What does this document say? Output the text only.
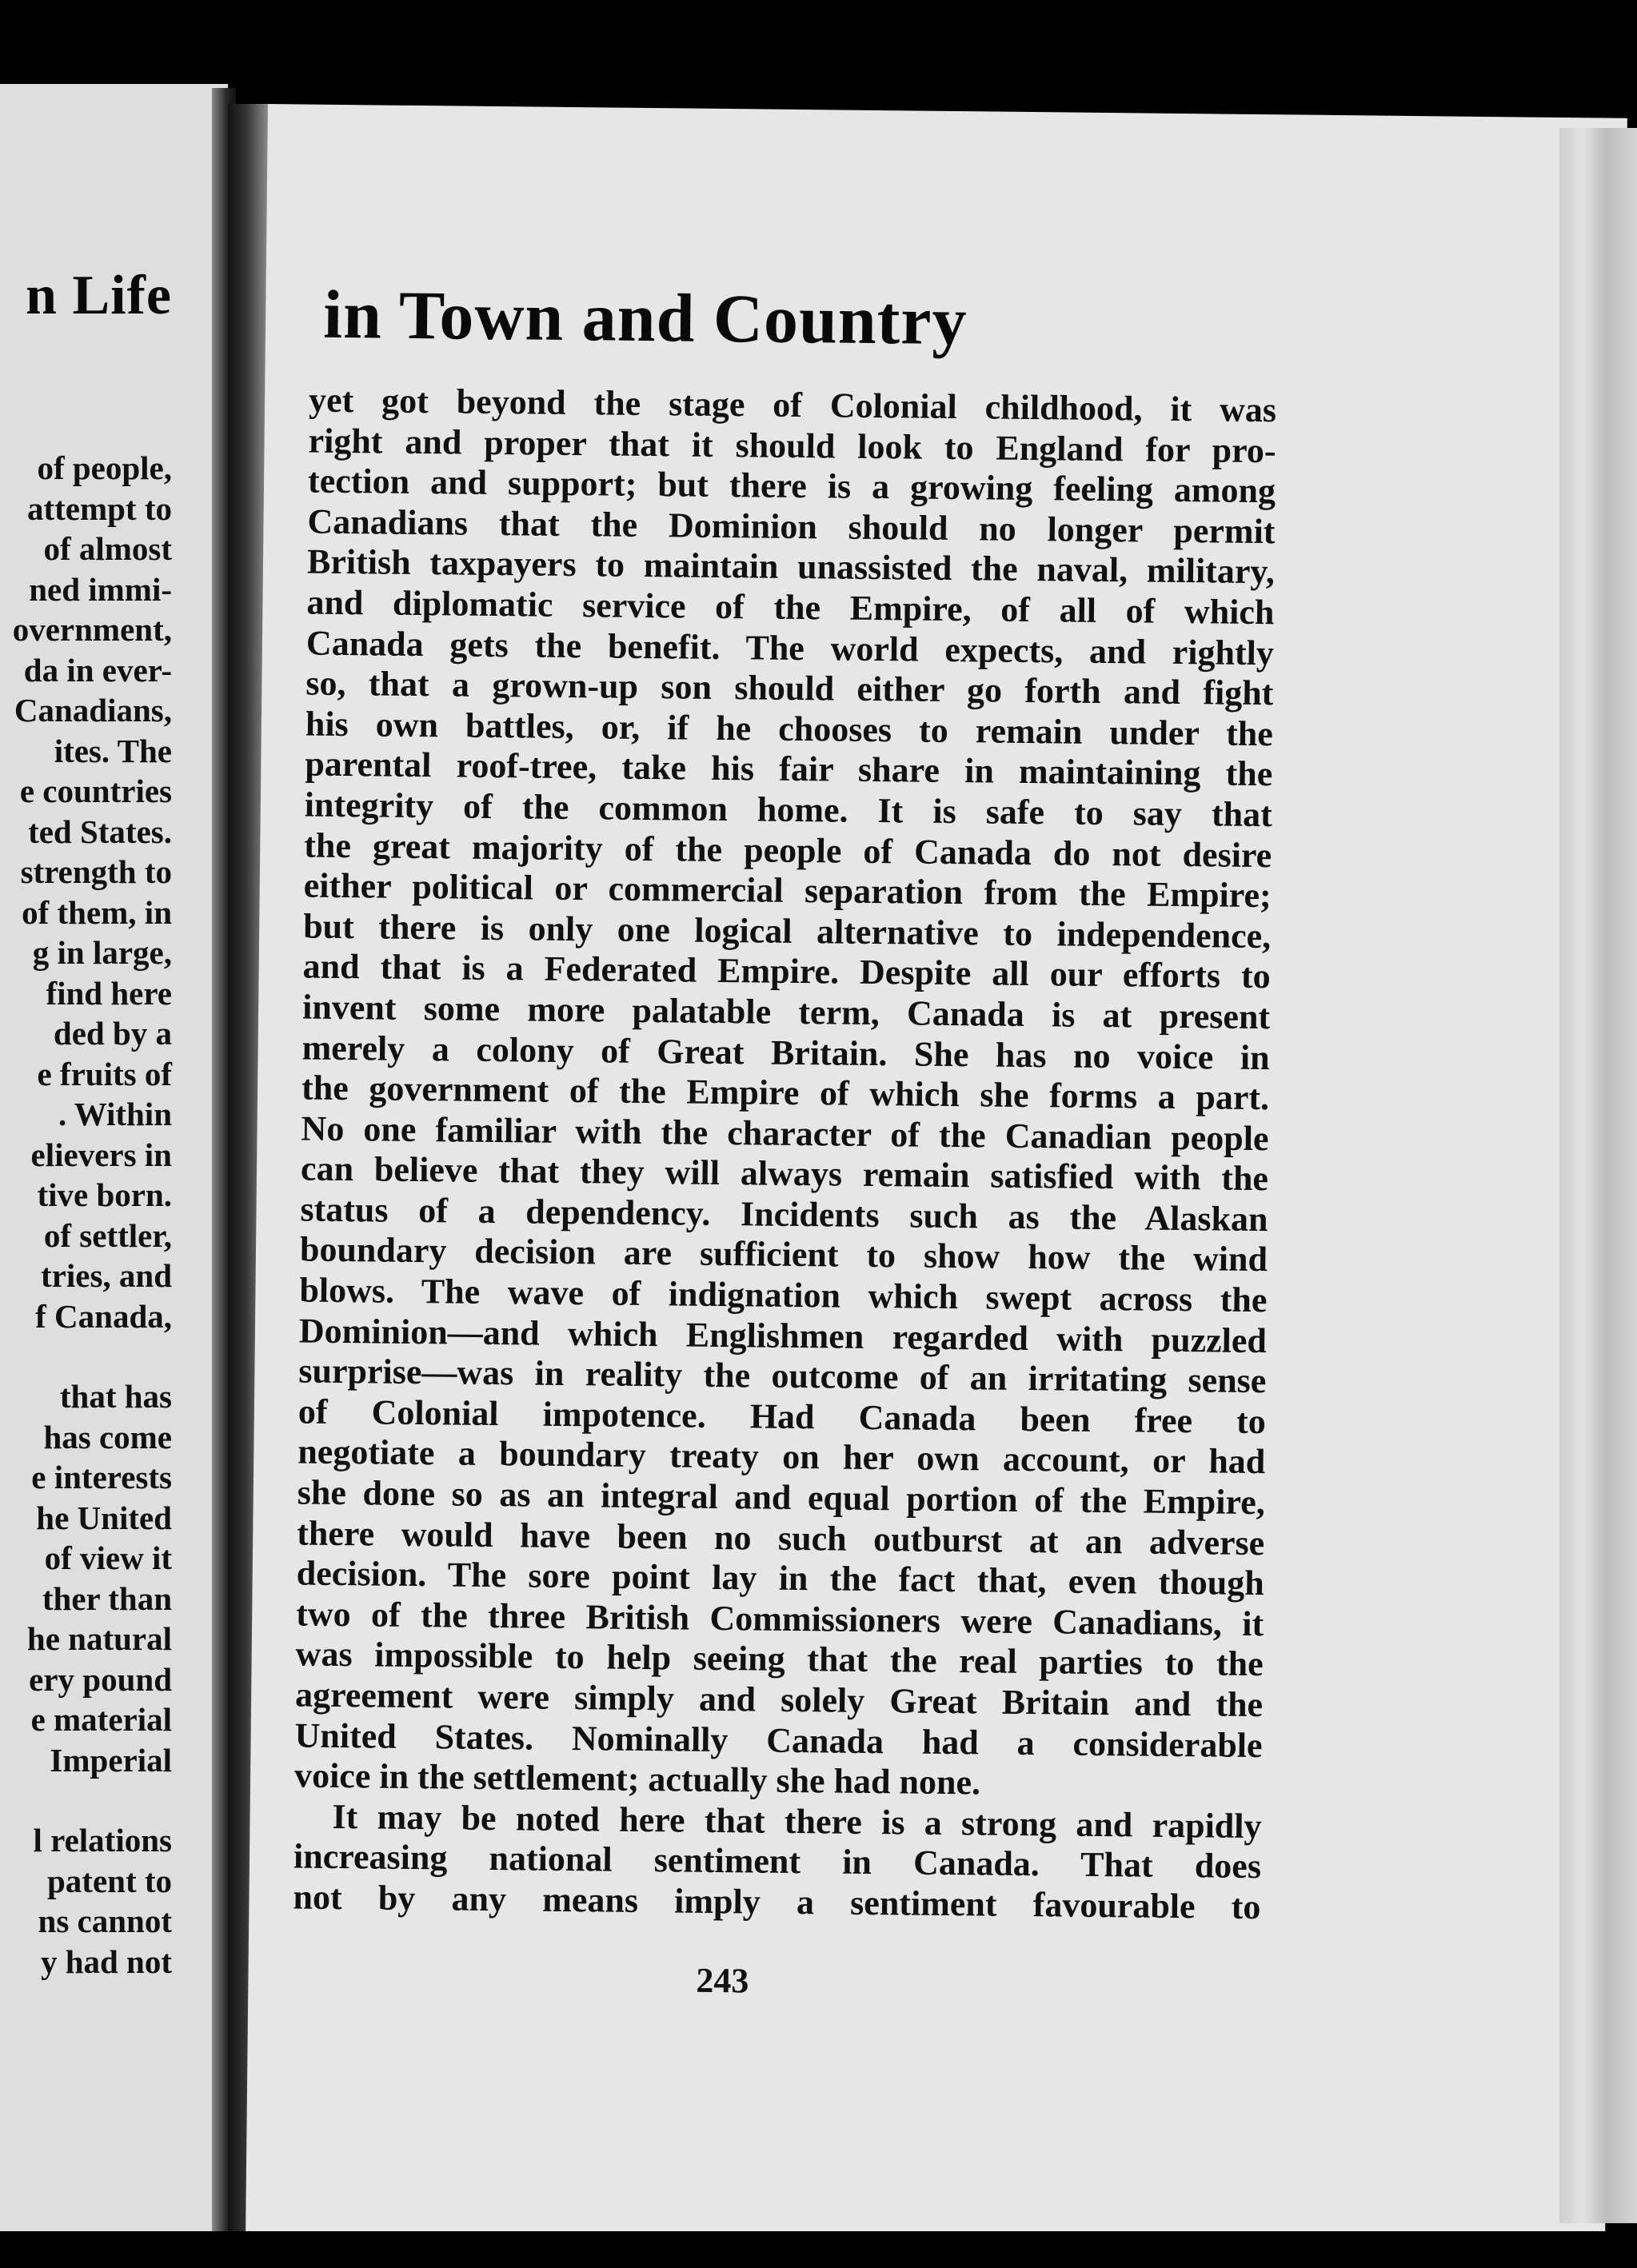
n Life
of people,
attempt to
of almost
ned immi-
overnment,
da in ever-
Canadians,
ites. The
e countries
ted States.
strength to
of them, in
g in large,
find here
ded by a
e fruits of
. Within
elievers in
tive born.
of settler,
tries, and
f Canada,
that has
has come
e interests
he United
of view it
ther than
he natural
ery pound
e material
Imperial
l relations
patent to
ns cannot
y had not
in Town and Country
yet got beyond the stage of Colonial childhood, it was
right and proper that it should look to England for pro-
tection and support; but there is a growing feeling among
Canadians that the Dominion should no longer permit
British taxpayers to maintain unassisted the naval, military,
and diplomatic service of the Empire, of all of which
Canada gets the benefit. The world expects, and rightly
so, that a grown-up son should either go forth and fight
his own battles, or, if he chooses to remain under the
parental roof-tree, take his fair share in maintaining the
integrity of the common home. It is safe to say that
the great majority of the people of Canada do not desire
either political or commercial separation from the Empire;
but there is only one logical alternative to independence,
and that is a Federated Empire. Despite all our efforts to
invent some more palatable term, Canada is at present
merely a colony of Great Britain. She has no voice in
the government of the Empire of which she forms a part.
No one familiar with the character of the Canadian people
can believe that they will always remain satisfied with the
status of a dependency. Incidents such as the Alaskan
boundary decision are sufficient to show how the wind
blows. The wave of indignation which swept across the
Dominion—and which Englishmen regarded with puzzled
surprise—was in reality the outcome of an irritating sense
of Colonial impotence. Had Canada been free to
negotiate a boundary treaty on her own account, or had
she done so as an integral and equal portion of the Empire,
there would have been no such outburst at an adverse
decision. The sore point lay in the fact that, even though
two of the three British Commissioners were Canadians, it
was impossible to help seeing that the real parties to the
agreement were simply and solely Great Britain and the
United States. Nominally Canada had a considerable
voice in the settlement; actually she had none.
It may be noted here that there is a strong and rapidly
increasing national sentiment in Canada. That does
not by any means imply a sentiment favourable to
243
